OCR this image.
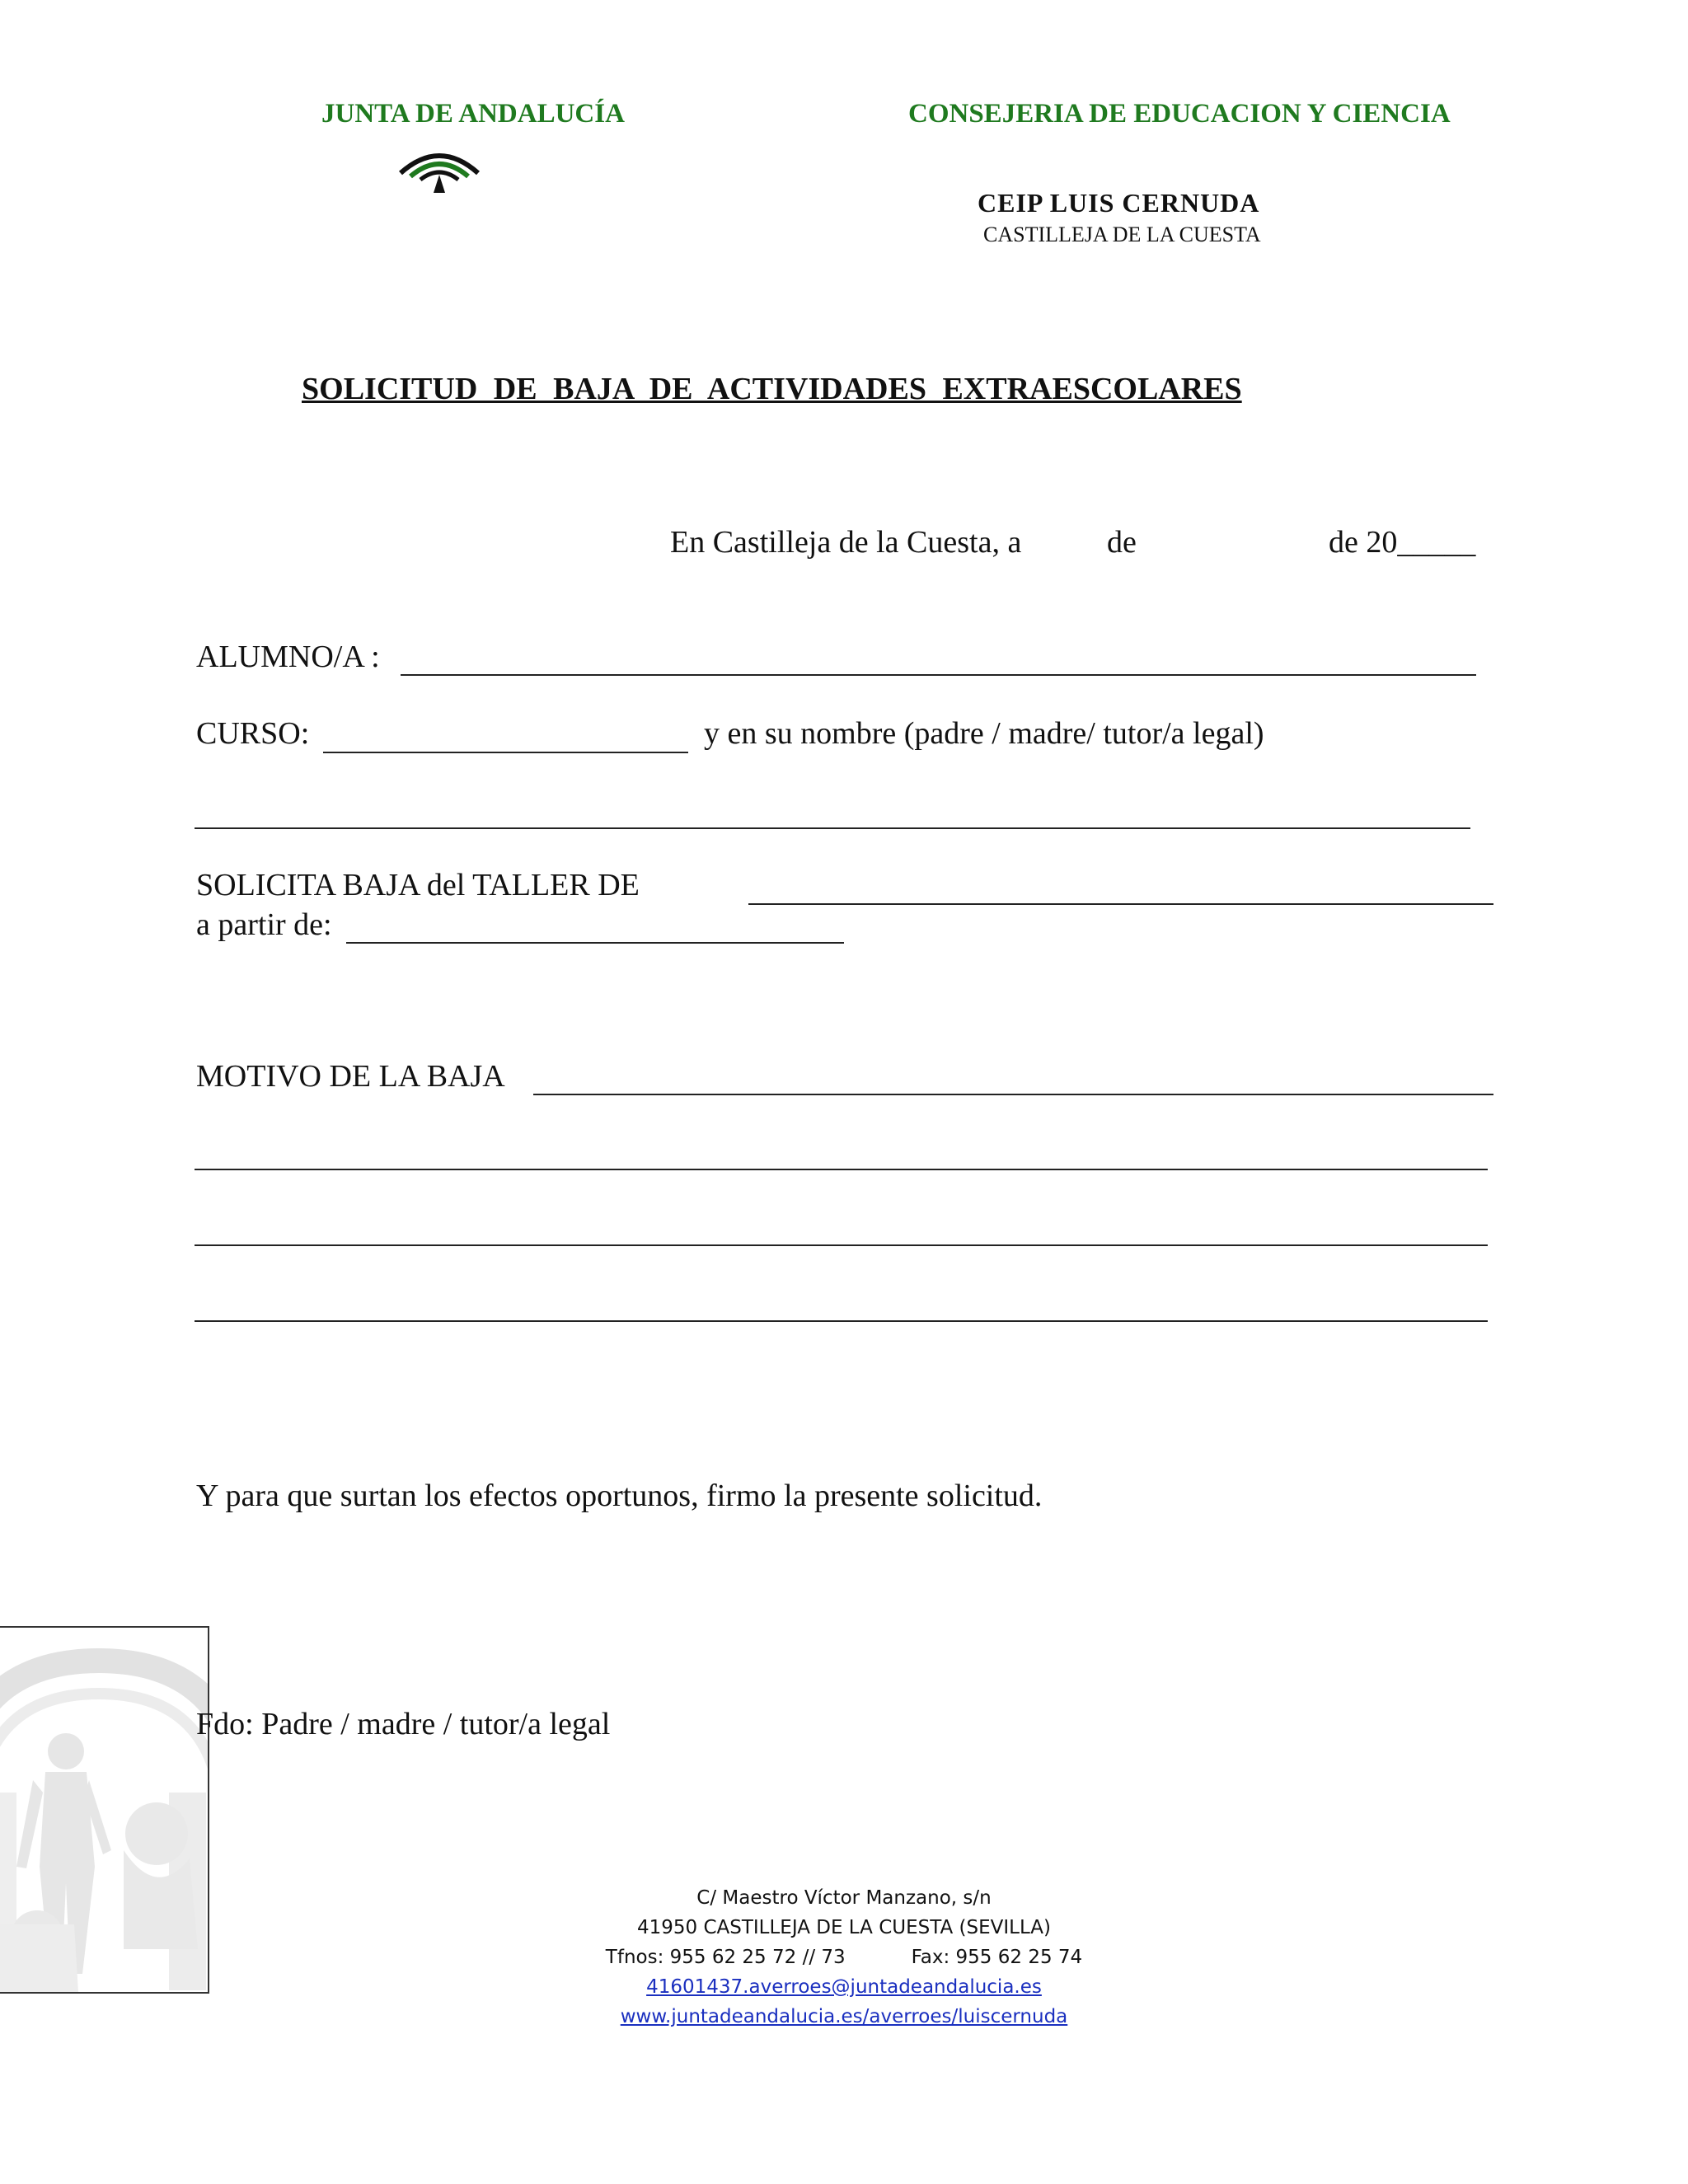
JUNTA DE ANDALUCÍA	CONSEJERIA DE EDUCACION Y CIENCIA
CEIP LUIS CERNUDA
CASTILLEJA DE LA CUESTA
SOLICITUD DE BAJA DE ACTIVIDADES EXTRAESCOLARES
En Castilleja de la Cuesta, a	de	de 20_____
ALUMNO/A :
CURSO:	y en su nombre (padre / madre/ tutor/a legal)
SOLICITA BAJA del TALLER DE
a partir de:
MOTIVO DE LA BAJA
Y para que surtan los efectos oportunos, firmo la presente solicitud.
Fdo: Padre / madre / tutor/a legal
C/ Maestro Víctor Manzano, s/n
41950 CASTILLEJA DE LA CUESTA (SEVILLA)
Tfnos: 955 62 25 72 // 73	Fax: 955 62 25 74
41601437.averroes@juntadeandalucia.es
www.juntadeandalucia.es/averroes/luiscernuda
